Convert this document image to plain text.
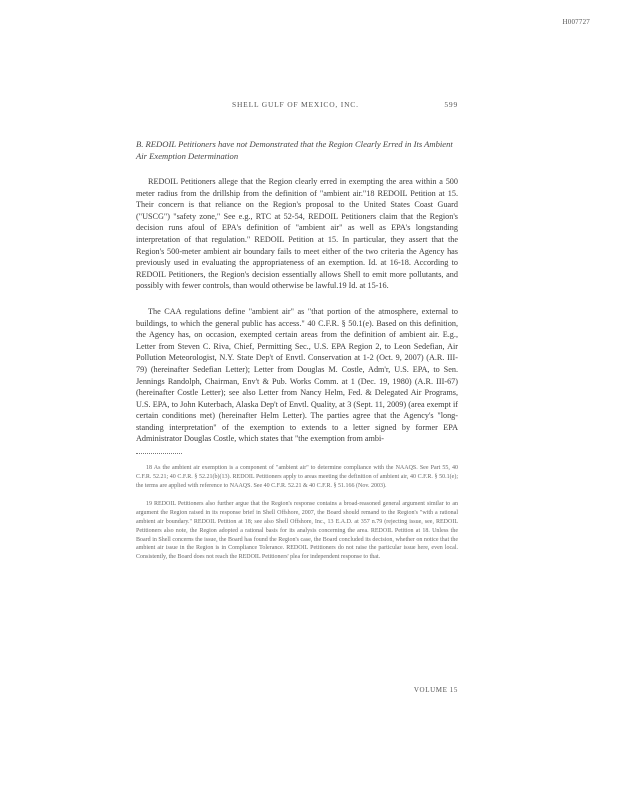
H007727
SHELL GULF OF MEXICO, INC.	599
B. REDOIL Petitioners have not Demonstrated that the Region Clearly Erred in Its Ambient Air Exemption Determination

REDOIL Petitioners allege that the Region clearly erred in exempting the area within a 500 meter radius from the drillship from the definition of "ambient air."18 REDOIL Petition at 15. Their concern is that reliance on the Region's proposal to the United States Coast Guard ("USCG") "safety zone," See e.g., RTC at 52-54, REDOIL Petitioners claim that the Region's decision runs afoul of EPA's definition of "ambient air" as well as EPA's longstanding interpretation of that regulation." REDOIL Petition at 15. In particular, they assert that the Region's 500-meter ambient air boundary fails to meet either of the two criteria the Agency has previously used in evaluating the appropriateness of an exemption. Id. at 16-18. According to REDOIL Petitioners, the Region's decision essentially allows Shell to emit more pollutants, and possibly with fewer controls, than would otherwise be lawful.19 Id. at 15-16.

The CAA regulations define "ambient air" as "that portion of the atmosphere, external to buildings, to which the general public has access." 40 C.F.R. § 50.1(e). Based on this definition, the Agency has, on occasion, exempted certain areas from the definition of ambient air. E.g., Letter from Steven C. Riva, Chief, Permitting Sec., U.S. EPA Region 2, to Leon Sedefian, Air Pollution Meteorologist, N.Y. State Dep't of Envtl. Conservation at 1-2 (Oct. 9, 2007) (A.R. III-79) (hereinafter Sedefian Letter); Letter from Douglas M. Costle, Adm'r, U.S. EPA, to Sen. Jennings Randolph, Chairman, Env't & Pub. Works Comm. at 1 (Dec. 19, 1980) (A.R. III-67) (hereinafter Costle Letter); see also Letter from Nancy Helm, Fed. & Delegated Air Programs, U.S. EPA, to John Kuterbach, Alaska Dep't of Envtl. Quality, at 3 (Sept. 11, 2009) (area exempt if certain conditions met) (hereinafter Helm Letter). The parties agree that the Agency's "long-standing interpretation" of the exemption to extends to a letter signed by former EPA Administrator Douglas Costle, which states that "the exemption from ambi-

18 As the ambient air exemption is a component of "ambient air" to determine compliance with the NAAQS. See Part 55, 40 C.F.R. 52.21; 40 C.F.R. § 52.21(b)(13). REDOIL Petitioners apply to areas meeting the definition of ambient air, 40 C.F.R. § 50.1(e); the terms are applied with reference to NAAQS. See 40 C.F.R. 52.21 & 40 C.F.R. § 51.166 (Nov. 2003).

19 REDOIL Petitioners also further argue that the Region's response contains a broad-reasoned general argument similar to an argument the Region raised in its response brief in Shell Offshore, 2007, the Board should remand to the Region's "with a rational ambient air boundary." REDOIL Petition at 18; see also Shell Offshore, Inc., 13 E.A.D. at 357 n.79 (rejecting issue, see, REDOIL Petitioners also note, the Region adopted a rational basis for its analysis concerning the area. REDOIL Petition at 18. Unless the Board in Shell concerns the issue, the Board has found the Region's case, the Board concluded its decision, whether on notice that the ambient air issue in the Region is in Compliance Tolerance. REDOIL Petitioners do not raise the particular issue here, even local. Consistently, the Board does not reach the REDOIL Petitioners' plea for independent response to that.

VOLUME 15
